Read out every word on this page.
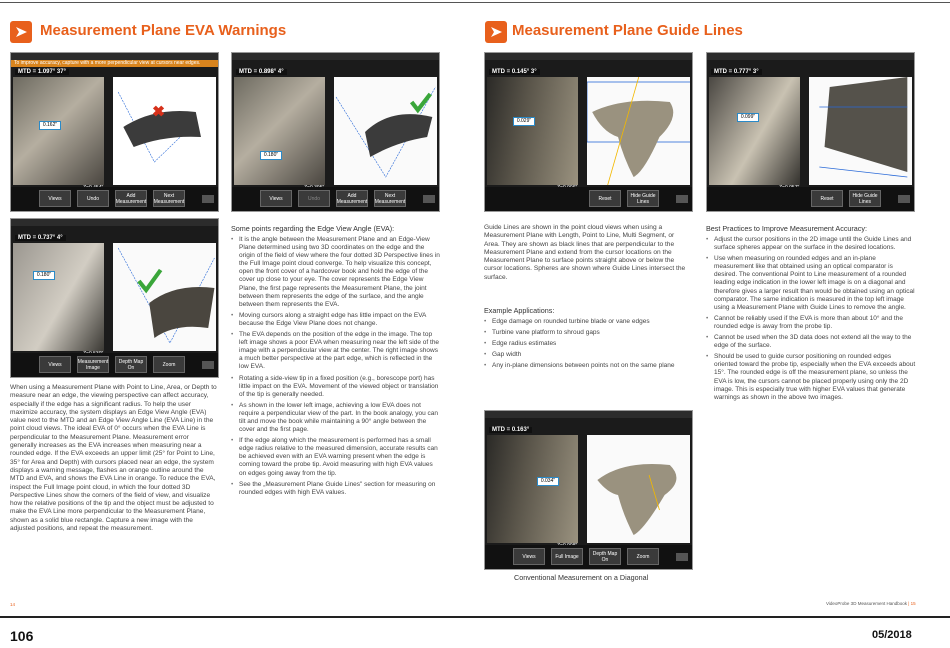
Measurement Plane EVA Warnings	Measurement Plane Guide Lines
To improve accuracy, capture with a more perpendicular view at cursors near edges.
MTD = 1.097° 37°
0.162"
Views	Undo	Add Measurement
Next Measurement
MTD = 0.898° 4°
0.180"
Views	Undo	Add Measurement
Next Measurement
MTD = 0.737° 4°
0.180"
Views	Measurement Image
Depth Map On	Zoom
When using a Measurement Plane with Point to Line, Area, or Depth to measure near an edge, the viewing perspective can affect accuracy, especially if the edge has a significant radius. To help the user maximize accuracy, the system displays an Edge View Angle (EVA) value next to the MTD and an Edge View Angle Line (EVA Line) in the point cloud views. The ideal EVA of 0° occurs when the EVA Line is perpendicular to the Measurement Plane. Measurement error generally increases as the EVA increases when measuring near a rounded edge. If the EVA exceeds an upper limit (25° for Point to Line, 35° for Area and Depth) with cursors placed near an edge, the system displays a warning message, flashes an orange outline around the MTD and EVA, and shows the EVA Line in orange. To reduce the EVA, inspect the Full Image point cloud, in which the four dotted 3D Perspective Lines show the corners of the field of view, and visualize how the relative positions of the tip and the object must be adjusted to make the EVA Line more perpendicular to the Measurement Plane, shown as a solid blue rectangle. Capture a new image with the adjusted positions, and repeat the measurement.
Some points regarding the Edge View Angle (EVA):
• It is the angle between the Measurement Plane and an Edge-View Plane determined using two 3D coordinates on the edge and the origin of the field of view where the four dotted 3D Perspective lines in the Full Image point cloud converge. To help visualize this concept, open the front cover of a hardcover book and hold the edge of the cover up close to your eye. The cover represents the Edge View Plane, the first page represents the Measurement Plane, the joint between them represents the edge of the surface, and the angle between them represents the EVA.
• Moving cursors along a straight edge has little impact on the EVA because the Edge View Plane does not change.
• The EVA depends on the position of the edge in the image. The top left image shows a poor EVA when measuring near the left side of the image with a perpendicular view at the center. The right image shows a much better perspective at the part edge, which is reflected in the low EVA.
• Rotating a side-view tip in a fixed position (e.g., borescope port) has little impact on the EVA. Movement of the viewed object or translation of the tip is generally needed.
• As shown in the lower left image, achieving a low EVA does not require a perpendicular view of the part. In the book analogy, you can tilt and move the book while maintaining a 90° angle between the cover and the first page.
• If the edge along which the measurement is performed has a small edge radius relative to the measured dimension, accurate results can be achieved even with an EVA warning present when the edge is coming toward the probe tip. Avoid measuring with high EVA values on edges going away from the tip.
• See the „Measurement Plane Guide Lines" section for measuring on rounded edges with high EVA values.
MTD = 0.145° 3°
0.029"
Reset	Hide Guide Lines
MTD = 0.777° 3°
0.099"
Reset	Hide Guide Lines
Guide Lines are shown in the point cloud views when using a Measurement Plane with Length, Point to Line, Multi Segment, or Area. They are shown as black lines that are perpendicular to the Measurement Plane and extend from the cursor locations on the Measurement Plane to surface points straight above or below the cursor locations. Spheres are shown where Guide Lines intersect the surface.
Example Applications:
• Edge damage on rounded turbine blade or vane edges
• Turbine vane platform to shroud gaps
• Edge radius estimates
• Gap width
• Any in-plane dimensions between points not on the same plane
MTD = 0.163°
0.034"
Views	Full Image	Depth Map On	Zoom
Conventional Measurement on a Diagonal
Best Practices to Improve Measurement Accuracy:
• Adjust the cursor positions in the 2D image until the Guide Lines and surface spheres appear on the surface in the desired locations.
• Use when measuring on rounded edges and an in-plane measurement like that obtained using an optical comparator is desired. The conventional Point to Line measurement of a rounded leading edge indication in the lower left image is on a diagonal and therefore gives a larger result than would be obtained using an optical comparator. The same indication is measured in the top left image using a Measurement Plane with Guide Lines to remove the angle.
• Cannot be reliably used if the EVA is more than about 10° and the rounded edge is away from the probe tip.
• Cannot be used when the 3D data does not extend all the way to the edge of the surface.
• Should be used to guide cursor positioning on rounded edges oriented toward the probe tip, especially when the EVA exceeds about 15°. The rounded edge is off the measurement plane, so unless the EVA is low, the cursors cannot be placed properly using only the 2D image. This is especially true with higher EVA values that generate warnings as shown in the above two images.
14	VideoProbe 3D Measurement Handbook | 15
106	05/2018
